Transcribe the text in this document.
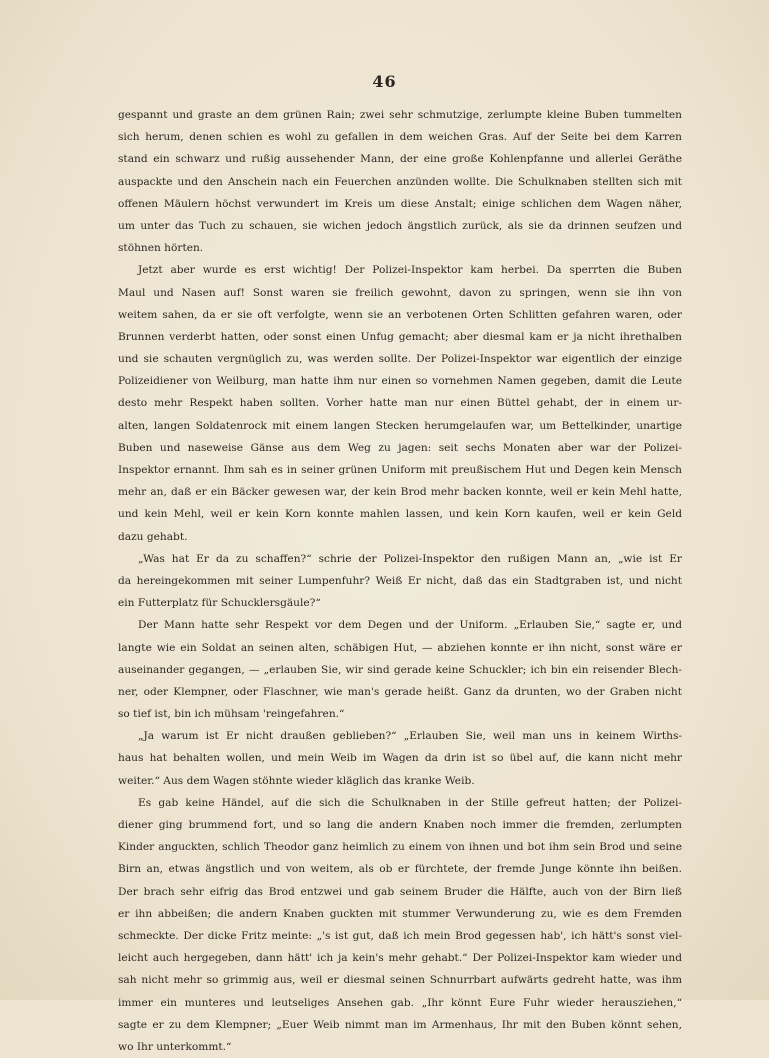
46
gespannt und graste an dem grünen Rain; zwei sehr schmutzige, zerlumpte kleine Buben tummelten
sich herum, denen schien es wohl zu gefallen in dem weichen Gras. Auf der Seite bei dem Karren
stand ein schwarz und rußig aussehender Mann, der eine große Kohlenpfanne und allerlei Geräthe
auspackte und den Anschein nach ein Feuerchen anzünden wollte. Die Schulknaben stellten sich mit
offenen Mäulern höchst verwundert im Kreis um diese Anstalt; einige schlichen dem Wagen näher,
um unter das Tuch zu schauen, sie wichen jedoch ängstlich zurück, als sie da drinnen seufzen und
stöhnen hörten.
Jetzt aber wurde es erst wichtig! Der Polizei-Inspektor kam herbei. Da sperrten die Buben
Maul und Nasen auf! Sonst waren sie freilich gewohnt, davon zu springen, wenn sie ihn von
weitem sahen, da er sie oft verfolgte, wenn sie an verbotenen Orten Schlitten gefahren waren, oder
Brunnen verderbt hatten, oder sonst einen Unfug gemacht; aber diesmal kam er ja nicht ihrethalben
und sie schauten vergnüglich zu, was werden sollte. Der Polizei-Inspektor war eigentlich der einzige
Polizeidiener von Weilburg, man hatte ihm nur einen so vornehmen Namen gegeben, damit die Leute
desto mehr Respekt haben sollten. Vorher hatte man nur einen Büttel gehabt, der in einem ur-
alten, langen Soldatenrock mit einem langen Stecken herumgelaufen war, um Bettelkinder, unartige
Buben und naseweise Gänse aus dem Weg zu jagen: seit sechs Monaten aber war der Polizei-
Inspektor ernannt. Ihm sah es in seiner grünen Uniform mit preußischem Hut und Degen kein Mensch
mehr an, daß er ein Bäcker gewesen war, der kein Brod mehr backen konnte, weil er kein Mehl hatte,
und kein Mehl, weil er kein Korn konnte mahlen lassen, und kein Korn kaufen, weil er kein Geld
dazu gehabt.
„Was hat Er da zu schaffen?“ schrie der Polizei-Inspektor den rußigen Mann an, „wie ist Er
da hereingekommen mit seiner Lumpenfuhr? Weiß Er nicht, daß das ein Stadtgraben ist, und nicht
ein Futterplatz für Schucklersgäule?“
Der Mann hatte sehr Respekt vor dem Degen und der Uniform. „Erlauben Sie,“ sagte er, und
langte wie ein Soldat an seinen alten, schäbigen Hut, — abziehen konnte er ihn nicht, sonst wäre er
auseinander gegangen, — „erlauben Sie, wir sind gerade keine Schuckler; ich bin ein reisender Blech-
ner, oder Klempner, oder Flaschner, wie man's gerade heißt. Ganz da drunten, wo der Graben nicht
so tief ist, bin ich mühsam 'reingefahren.“
„Ja warum ist Er nicht draußen geblieben?“ „Erlauben Sie, weil man uns in keinem Wirths-
haus hat behalten wollen, und mein Weib im Wagen da drin ist so übel auf, die kann nicht mehr
weiter.“ Aus dem Wagen stöhnte wieder kläglich das kranke Weib.
Es gab keine Händel, auf die sich die Schulknaben in der Stille gefreut hatten; der Polizei-
diener ging brummend fort, und so lang die andern Knaben noch immer die fremden, zerlumpten
Kinder anguckten, schlich Theodor ganz heimlich zu einem von ihnen und bot ihm sein Brod und seine
Birn an, etwas ängstlich und von weitem, als ob er fürchtete, der fremde Junge könnte ihn beißen.
Der brach sehr eifrig das Brod entzwei und gab seinem Bruder die Hälfte, auch von der Birn ließ
er ihn abbeißen; die andern Knaben guckten mit stummer Verwunderung zu, wie es dem Fremden
schmeckte. Der dicke Fritz meinte: „'s ist gut, daß ich mein Brod gegessen hab', ich hätt's sonst viel-
leicht auch hergegeben, dann hätt' ich ja kein's mehr gehabt.“ Der Polizei-Inspektor kam wieder und
sah nicht mehr so grimmig aus, weil er diesmal seinen Schnurrbart aufwärts gedreht hatte, was ihm
immer ein munteres und leutseliges Ansehen gab. „Ihr könnt Eure Fuhr wieder herausziehen,“
sagte er zu dem Klempner; „Euer Weib nimmt man im Armenhaus, Ihr mit den Buben könnt sehen,
wo Ihr unterkommt.“
